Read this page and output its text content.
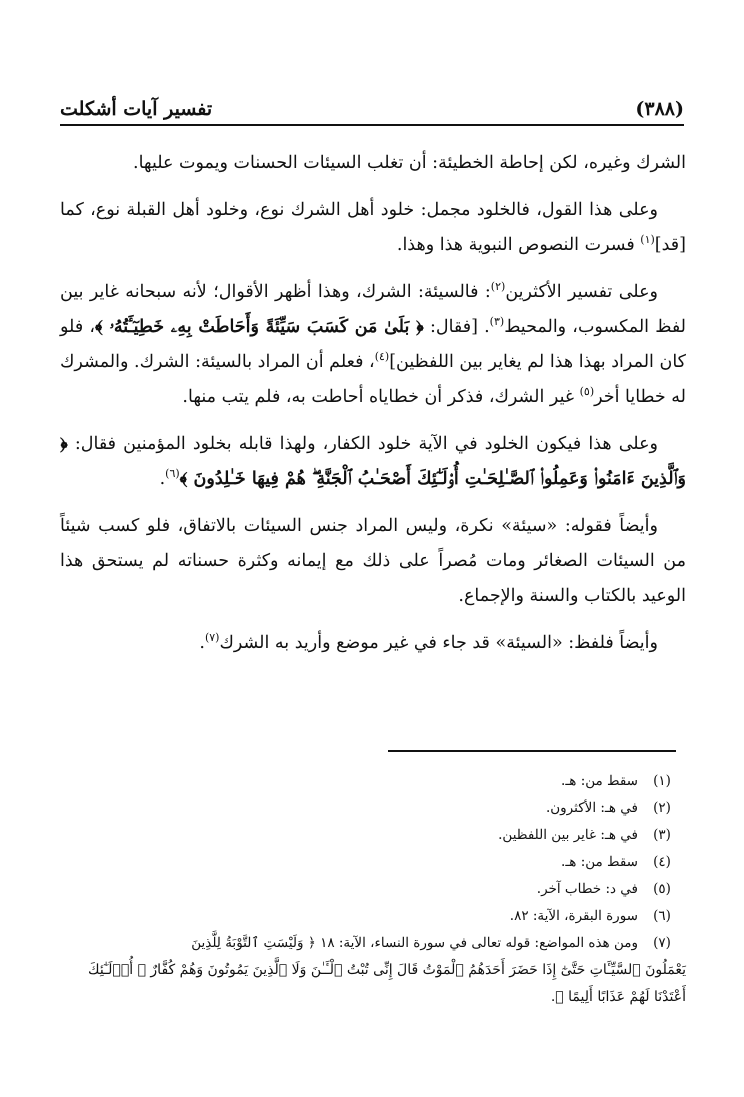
تفسير آيات أشكلت	(٣٨٨)

الشرك وغيره، لكن إحاطة الخطيئة: أن تغلب السيئات الحسنات ويموت عليها.

وعلى هذا القول، فالخلود مجمل: خلود أهل الشرك نوع، وخلود أهل القبلة نوع، كما [قد]$^{(١)}$ فسرت النصوص النبوية هذا وهذا.

وعلى تفسير الأكثرين$^{(٢)}$: فالسيئة: الشرك، وهذا أظهر الأقوال؛ لأنه سبحانه غاير بين لفظ المكسوب، والمحيط$^{(٣)}$. [فقال: ﴿ بَلَىٰ مَن كَسَبَ سَيِّئَةً وَأَحَاطَتْ بِهِۦ خَطِيٓـَٔتُهُۥ ﴾، فلو كان المراد بهذا هذا لم يغاير بين اللفظين]$^{(٤)}$، فعلم أن المراد بالسيئة: الشرك. والمشرك له خطايا أخر$^{(٥)}$ غير الشرك، فذكر أن خطاياه أحاطت به، فلم يتب منها.

وعلى هذا فيكون الخلود في الآية خلود الكفار، ولهذا قابله بخلود المؤمنين فقال: ﴿ وَٱلَّذِينَ ءَامَنُوا۟ وَعَمِلُوا۟ ٱلصَّـٰلِحَـٰتِ أُو۟لَـٰٓئِكَ أَصْحَـٰبُ ٱلْجَنَّةِ ۖ هُمْ فِيهَا خَـٰلِدُونَ ﴾$^{(٦)}$.

وأيضاً فقوله: «سيئة» نكرة، وليس المراد جنس السيئات بالاتفاق، فلو كسب شيئاً من السيئات الصغائر ومات مُصراً على ذلك مع إيمانه وكثرة حسناته لم يستحق هذا الوعيد بالكتاب والسنة والإجماع.

وأيضاً فلفظ: «السيئة» قد جاء في غير موضع وأريد به الشرك$^{(٧)}$.

(١)
سقط من: هـ.
(٢)
في هـ: الأكثرون.
(٣)
في هـ: غاير بين اللفظين.
(٤)
سقط من: هـ.
(٥)
في د: خطاب آخر.
(٦)
سورة البقرة، الآية: ٨٢.
(٧)
ومن هذه المواضع: قوله تعالى في سورة النساء، الآية: ١٨ ﴿ وَلَيْسَتِ ٱلتَّوْبَةُ لِلَّذِينَ
يَعْمَلُونَ ٱلسَّيِّـَٔاتِ حَتَّىٰٓ إِذَا حَضَرَ أَحَدَهُمُ ٱلْمَوْتُ قَالَ إِنِّى تُبْتُ ٱلْـَٔـٰنَ وَلَا ٱلَّذِينَ يَمُوتُونَ وَهُمْ كُفَّارٌ ۚ أُو۟لَـٰٓئِكَ أَعْتَدْنَا لَهُمْ عَذَابًا أَلِيمًا ﴾.
